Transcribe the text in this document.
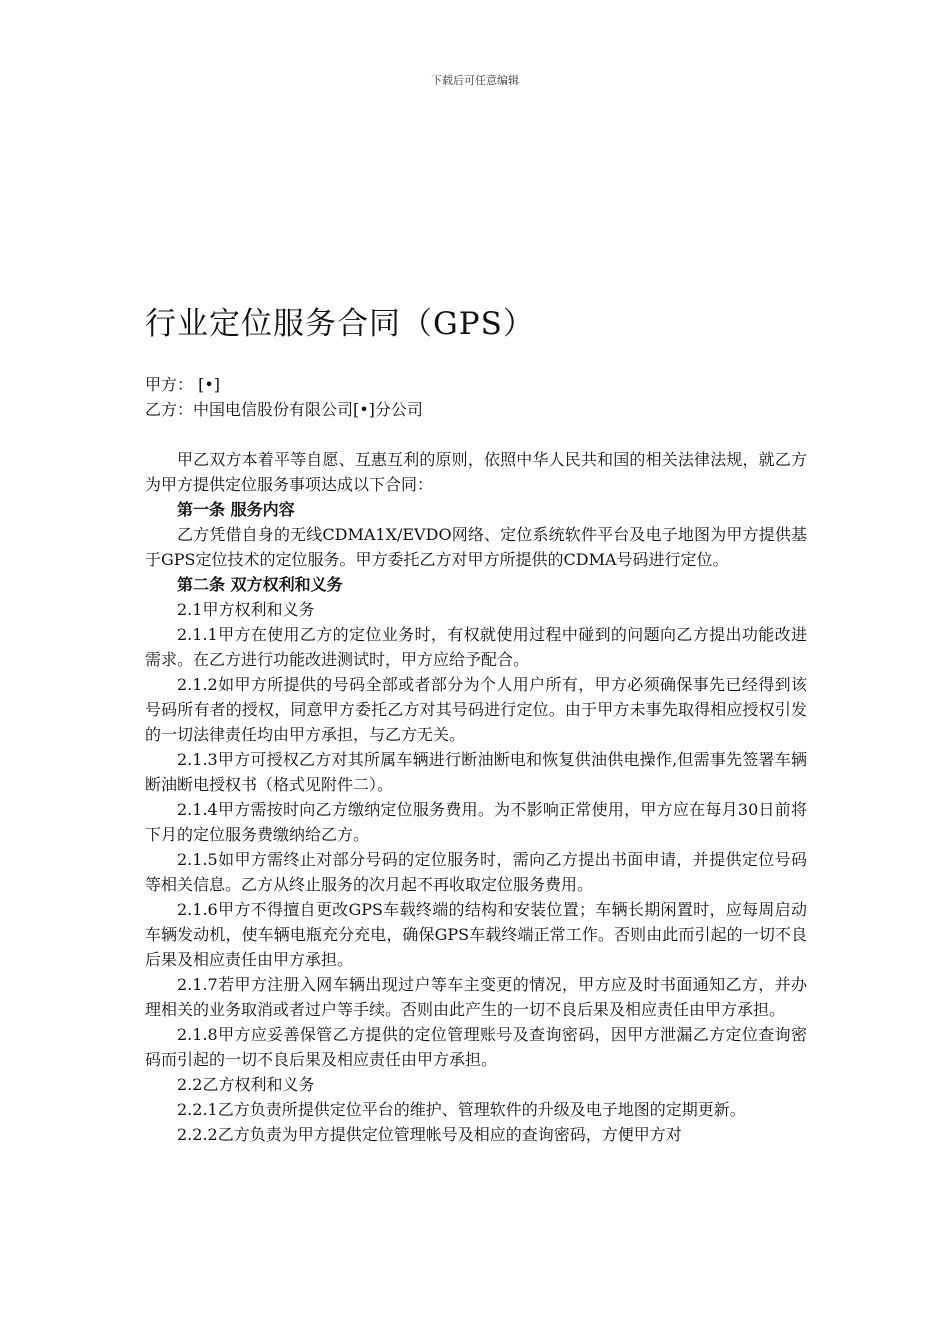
下载后可任意编辑
行业定位服务合同（GPS）
甲方： [•]
乙方：中国电信股份有限公司[•]分公司

甲乙双方本着平等自愿、互惠互利的原则，依照中华人民共和国的相关法律法规，就乙方为甲方提供定位服务事项达成以下合同：

第一条 服务内容

乙方凭借自身的无线CDMA1X/EVDO网络、定位系统软件平台及电子地图为甲方提供基于GPS定位技术的定位服务。甲方委托乙方对甲方所提供的CDMA号码进行定位。

第二条 双方权利和义务

2.1甲方权利和义务

2.1.1甲方在使用乙方的定位业务时，有权就使用过程中碰到的问题向乙方提出功能改进需求。在乙方进行功能改进测试时，甲方应给予配合。

2.1.2如甲方所提供的号码全部或者部分为个人用户所有，甲方必须确保事先已经得到该号码所有者的授权，同意甲方委托乙方对其号码进行定位。由于甲方未事先取得相应授权引发的一切法律责任均由甲方承担，与乙方无关。

2.1.3甲方可授权乙方对其所属车辆进行断油断电和恢复供油供电操作,但需事先签署车辆断油断电授权书（格式见附件二）。

2.1.4甲方需按时向乙方缴纳定位服务费用。为不影响正常使用，甲方应在每月30日前将下月的定位服务费缴纳给乙方。

2.1.5如甲方需终止对部分号码的定位服务时，需向乙方提出书面申请，并提供定位号码等相关信息。乙方从终止服务的次月起不再收取定位服务费用。

2.1.6甲方不得擅自更改GPS车载终端的结构和安装位置；车辆长期闲置时，应每周启动车辆发动机，使车辆电瓶充分充电，确保GPS车载终端正常工作。否则由此而引起的一切不良后果及相应责任由甲方承担。

2.1.7若甲方注册入网车辆出现过户等车主变更的情况，甲方应及时书面通知乙方，并办理相关的业务取消或者过户等手续。否则由此产生的一切不良后果及相应责任由甲方承担。

2.1.8甲方应妥善保管乙方提供的定位管理账号及查询密码，因甲方泄漏乙方定位查询密码而引起的一切不良后果及相应责任由甲方承担。

2.2乙方权利和义务

2.2.1乙方负责所提供定位平台的维护、管理软件的升级及电子地图的定期更新。

2.2.2乙方负责为甲方提供定位管理帐号及相应的查询密码，方便甲方对
